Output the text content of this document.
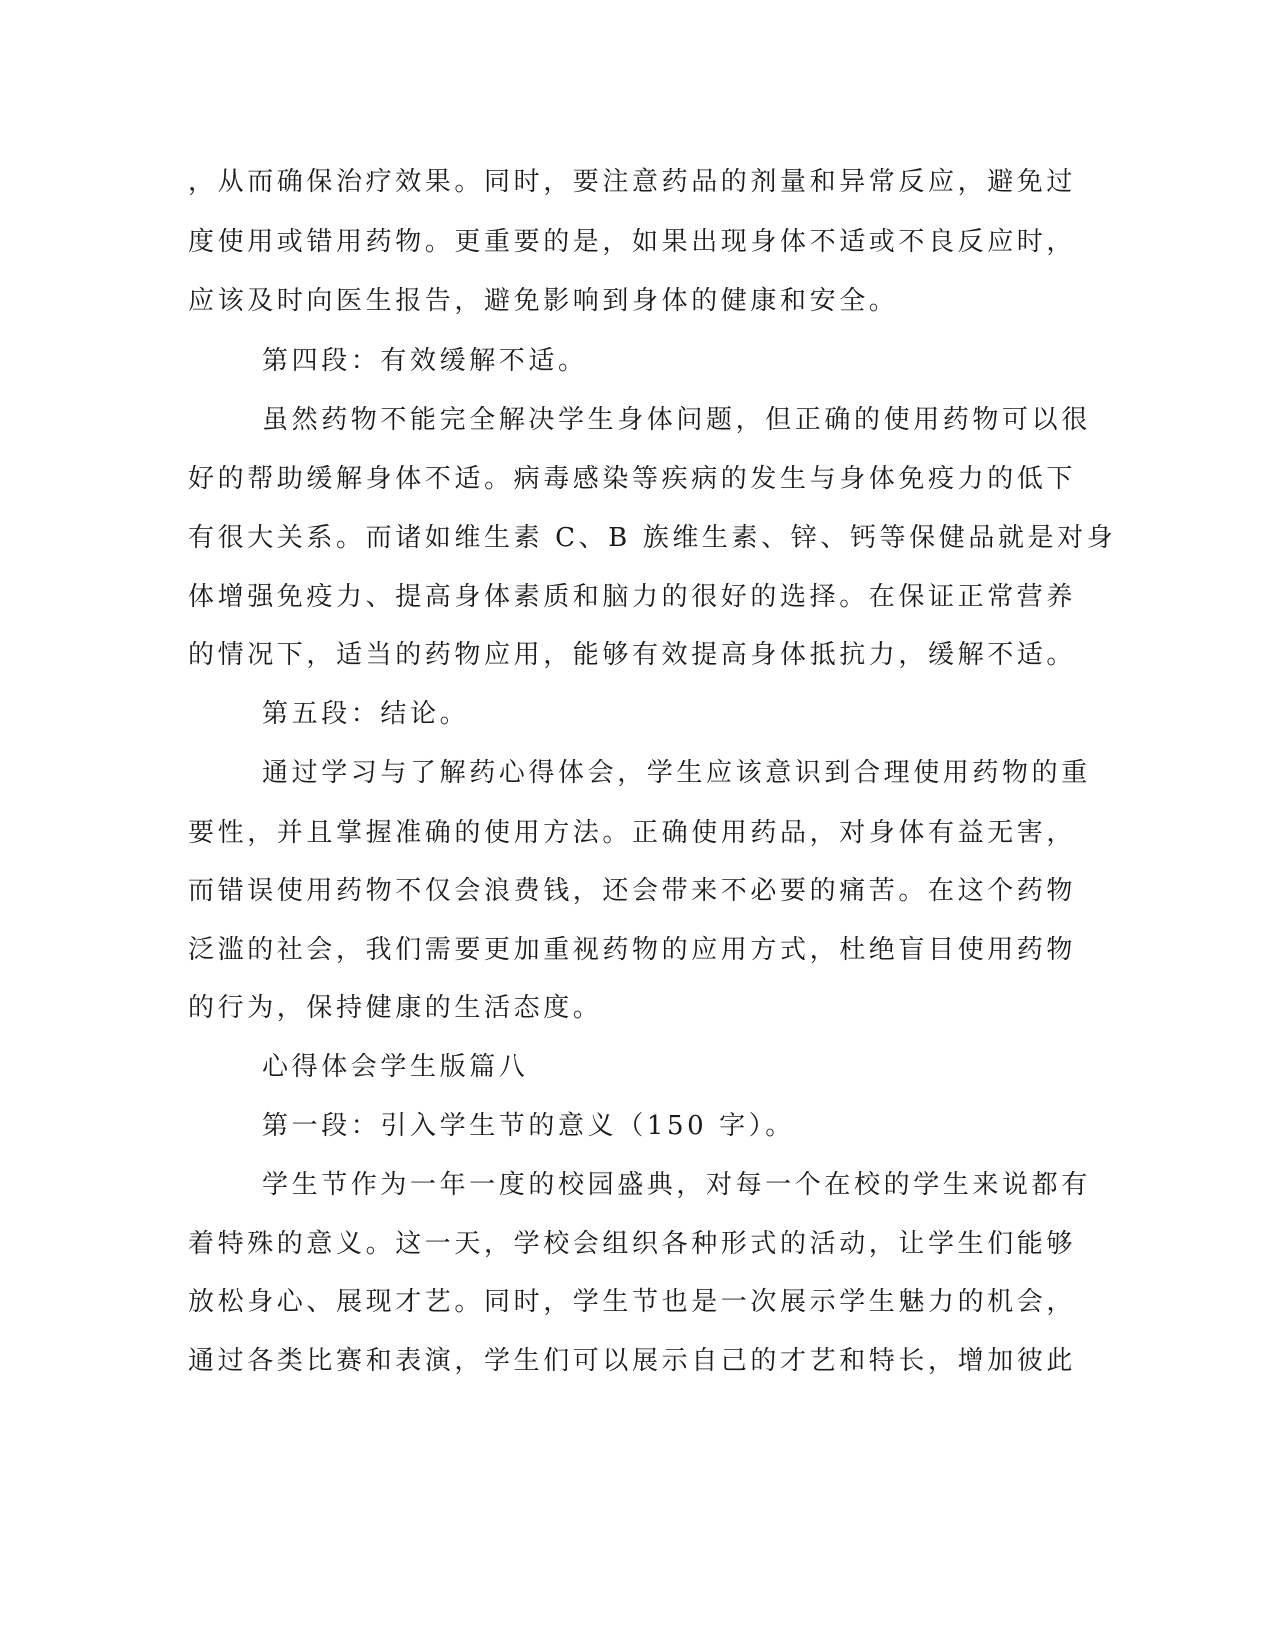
，从而确保治疗效果。同时，要注意药品的剂量和异常反应，避免过
度使用或错用药物。更重要的是，如果出现身体不适或不良反应时，
应该及时向医生报告，避免影响到身体的健康和安全。
第四段：有效缓解不适。
虽然药物不能完全解决学生身体问题，但正确的使用药物可以很
好的帮助缓解身体不适。病毒感染等疾病的发生与身体免疫力的低下
有很大关系。而诸如维生素 C、B 族维生素、锌、钙等保健品就是对身
体增强免疫力、提高身体素质和脑力的很好的选择。在保证正常营养
的情况下，适当的药物应用，能够有效提高身体抵抗力，缓解不适。
第五段：结论。
通过学习与了解药心得体会，学生应该意识到合理使用药物的重
要性，并且掌握准确的使用方法。正确使用药品，对身体有益无害，
而错误使用药物不仅会浪费钱，还会带来不必要的痛苦。在这个药物
泛滥的社会，我们需要更加重视药物的应用方式，杜绝盲目使用药物
的行为，保持健康的生活态度。
心得体会学生版篇八
第一段：引入学生节的意义（150 字）。
学生节作为一年一度的校园盛典，对每一个在校的学生来说都有
着特殊的意义。这一天，学校会组织各种形式的活动，让学生们能够
放松身心、展现才艺。同时，学生节也是一次展示学生魅力的机会，
通过各类比赛和表演，学生们可以展示自己的才艺和特长，增加彼此
